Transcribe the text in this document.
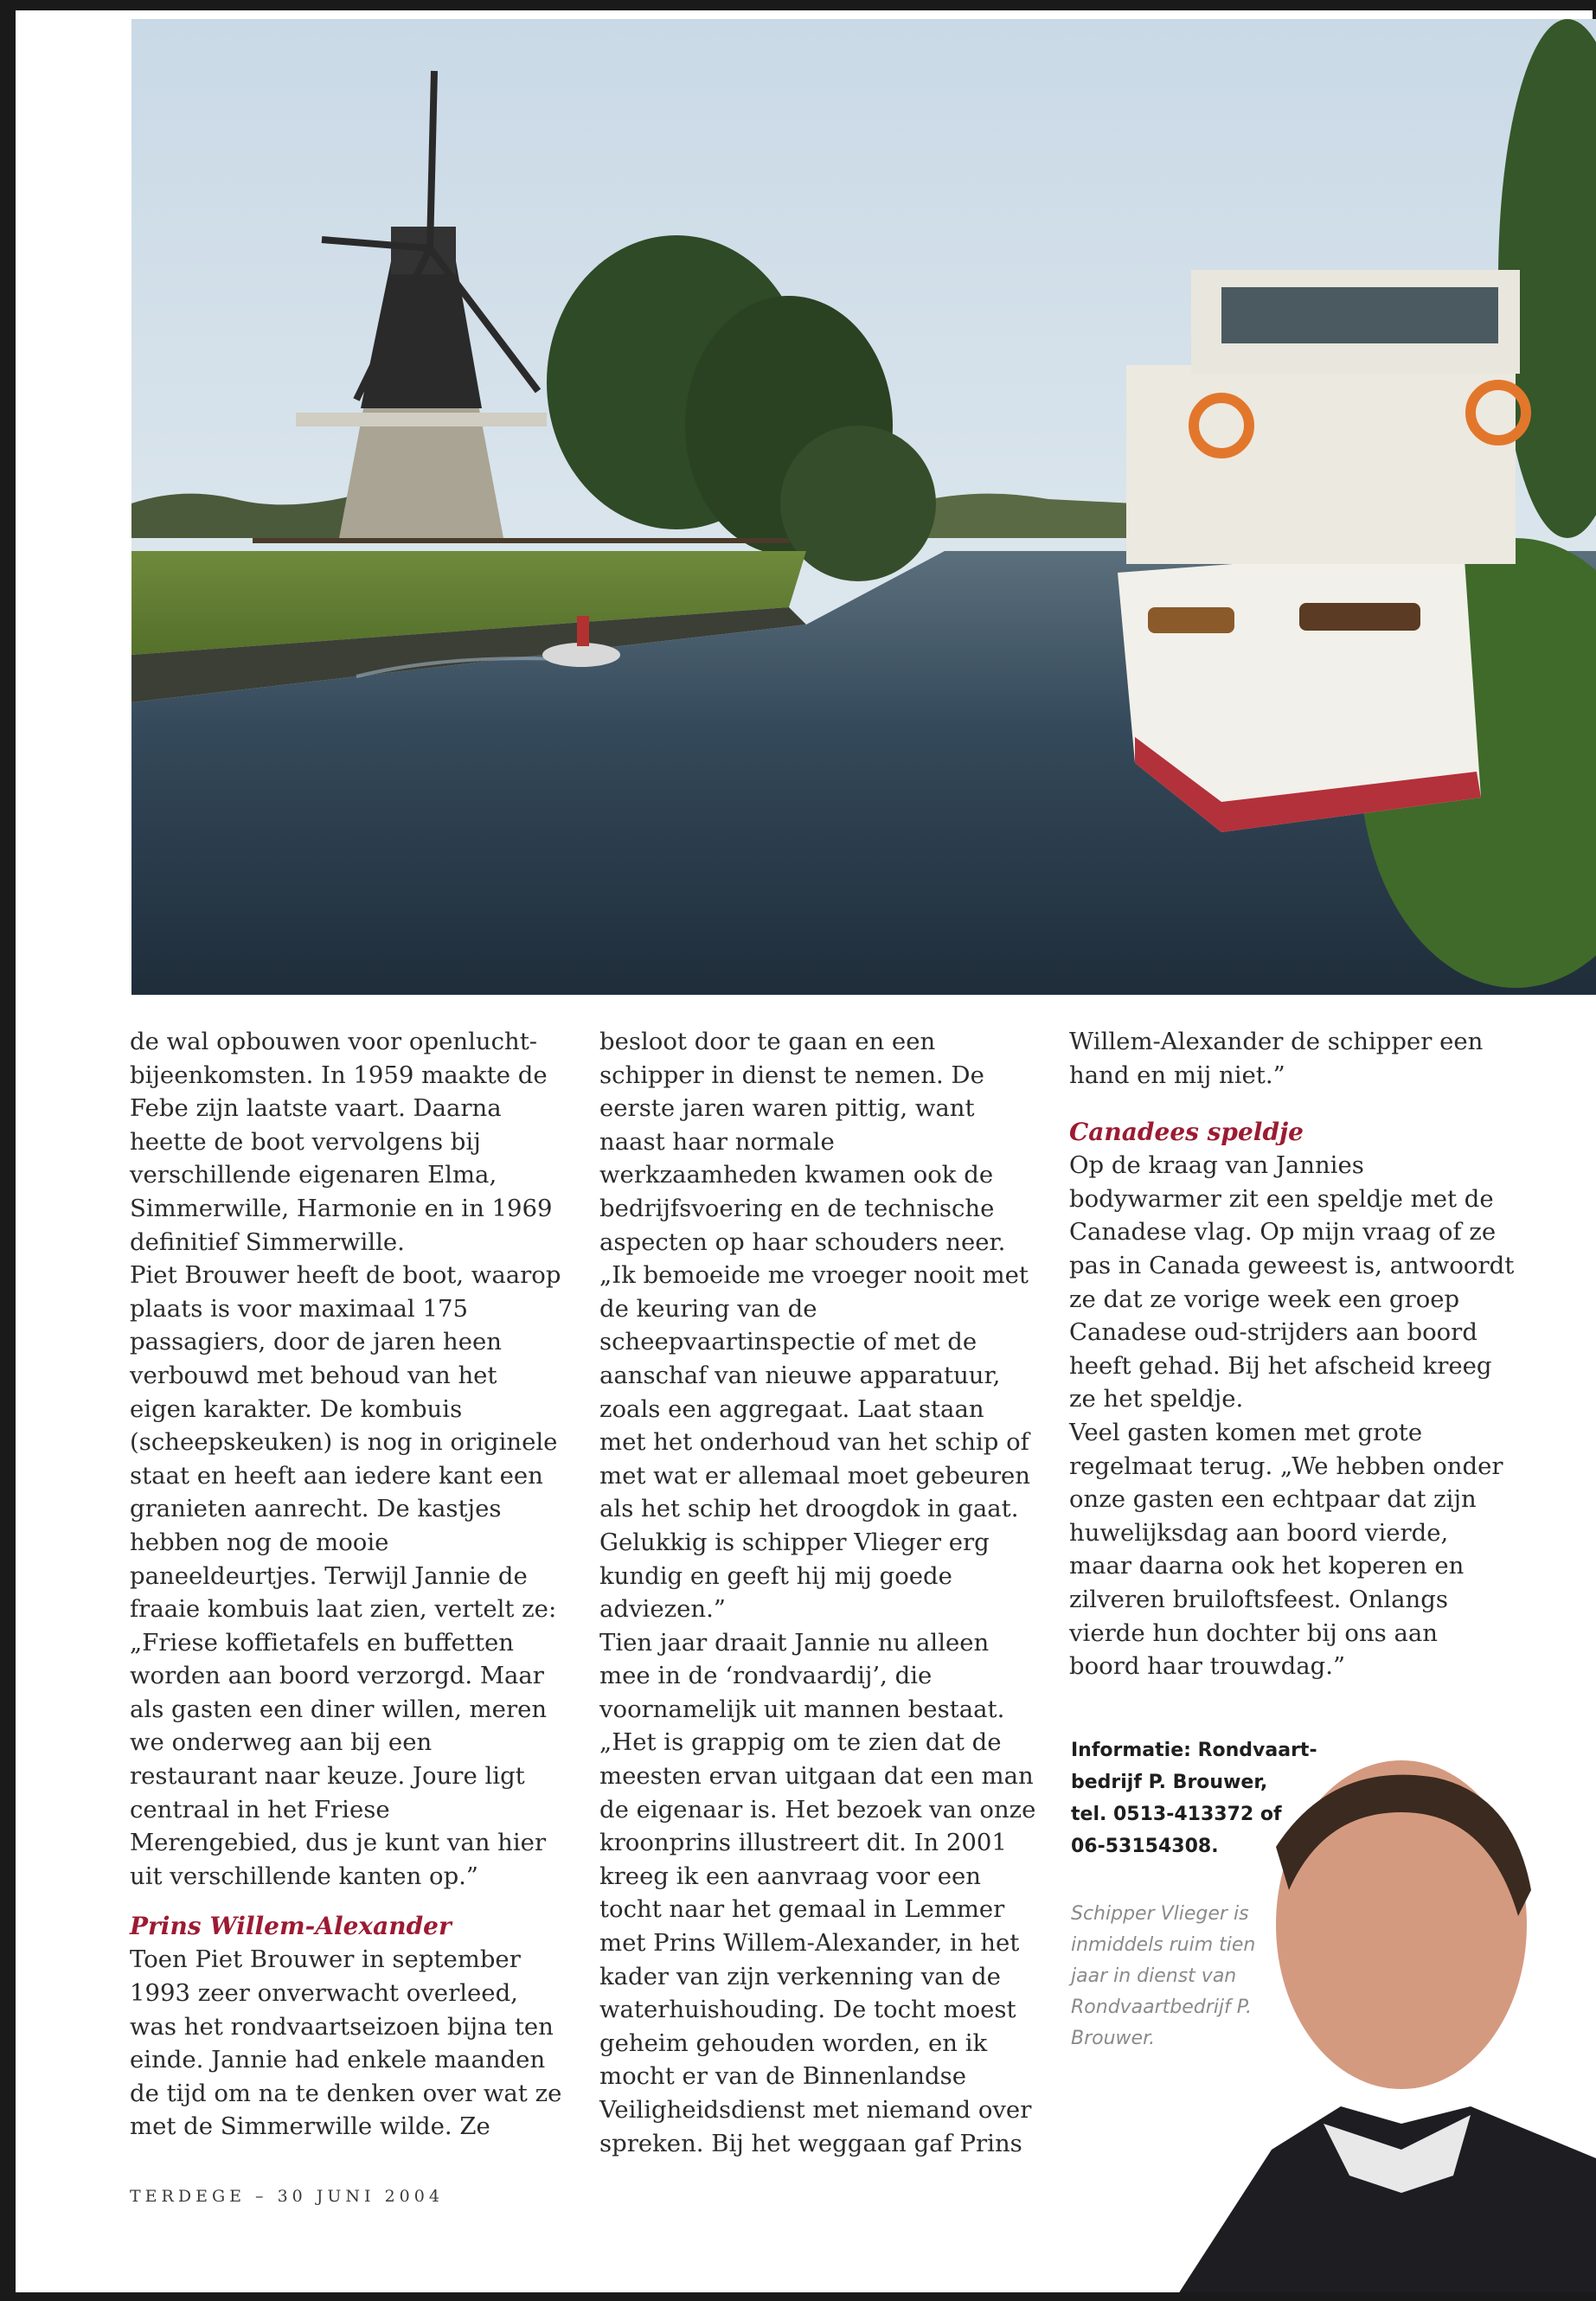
de wal opbouwen voor openlucht-bijeenkomsten. In 1959 maakte de Febe zijn laatste vaart. Daarna heette de boot vervolgens bij verschillende eigenaren Elma, Simmerwille, Harmonie en in 1969 definitief Simmerwille.

Piet Brouwer heeft de boot, waarop plaats is voor maximaal 175 passagiers, door de jaren heen verbouwd met behoud van het eigen karakter. De kombuis (scheepskeuken) is nog in originele staat en heeft aan iedere kant een granieten aanrecht. De kastjes hebben nog de mooie paneeldeurtjes. Terwijl Jannie de fraaie kombuis laat zien, vertelt ze: „Friese koffietafels en buffetten worden aan boord verzorgd. Maar als gasten een diner willen, meren we onderweg aan bij een restaurant naar keuze. Joure ligt centraal in het Friese Merengebied, dus je kunt van hier uit verschillende kanten op.”

Prins Willem-Alexander

Toen Piet Brouwer in september 1993 zeer onverwacht overleed, was het rondvaartseizoen bijna ten einde. Jannie had enkele maanden de tijd om na te denken over wat ze met de Simmerwille wilde. Ze

besloot door te gaan en een schipper in dienst te nemen. De eerste jaren waren pittig, want naast haar normale werkzaamheden kwamen ook de bedrijfsvoering en de technische aspecten op haar schouders neer. „Ik bemoeide me vroeger nooit met de keuring van de scheepvaartinspectie of met de aanschaf van nieuwe apparatuur, zoals een aggregaat. Laat staan met het onderhoud van het schip of met wat er allemaal moet gebeuren als het schip het droogdok in gaat. Gelukkig is schipper Vlieger erg kundig en geeft hij mij goede adviezen.”

Tien jaar draait Jannie nu alleen mee in de ‘rondvaardij’, die voornamelijk uit mannen bestaat. „Het is grappig om te zien dat de meesten ervan uitgaan dat een man de eigenaar is. Het bezoek van onze kroonprins illustreert dit. In 2001 kreeg ik een aanvraag voor een tocht naar het gemaal in Lemmer met Prins Willem-Alexander, in het kader van zijn verkenning van de waterhuishouding. De tocht moest geheim gehouden worden, en ik mocht er van de Binnenlandse Veiligheidsdienst met niemand over spreken. Bij het weggaan gaf Prins

Willem-Alexander de schipper een hand en mij niet.”

Canadees speldje

Op de kraag van Jannies bodywarmer zit een speldje met de Canadese vlag. Op mijn vraag of ze pas in Canada geweest is, antwoordt ze dat ze vorige week een groep Canadese oud-strijders aan boord heeft gehad. Bij het afscheid kreeg ze het speldje.

Veel gasten komen met grote regelmaat terug. „We hebben onder onze gasten een echtpaar dat zijn huwelijksdag aan boord vierde, maar daarna ook het koperen en zilveren bruiloftsfeest. Onlangs vierde hun dochter bij ons aan boord haar trouwdag.”

Informatie: Rondvaart-
bedrijf P. Brouwer,
tel. 0513-413372 of
06-53154308.
Schipper Vlieger is inmiddels ruim tien jaar in dienst van Rondvaartbedrijf P. Brouwer.
TERDEGE – 30 JUNI 2004
